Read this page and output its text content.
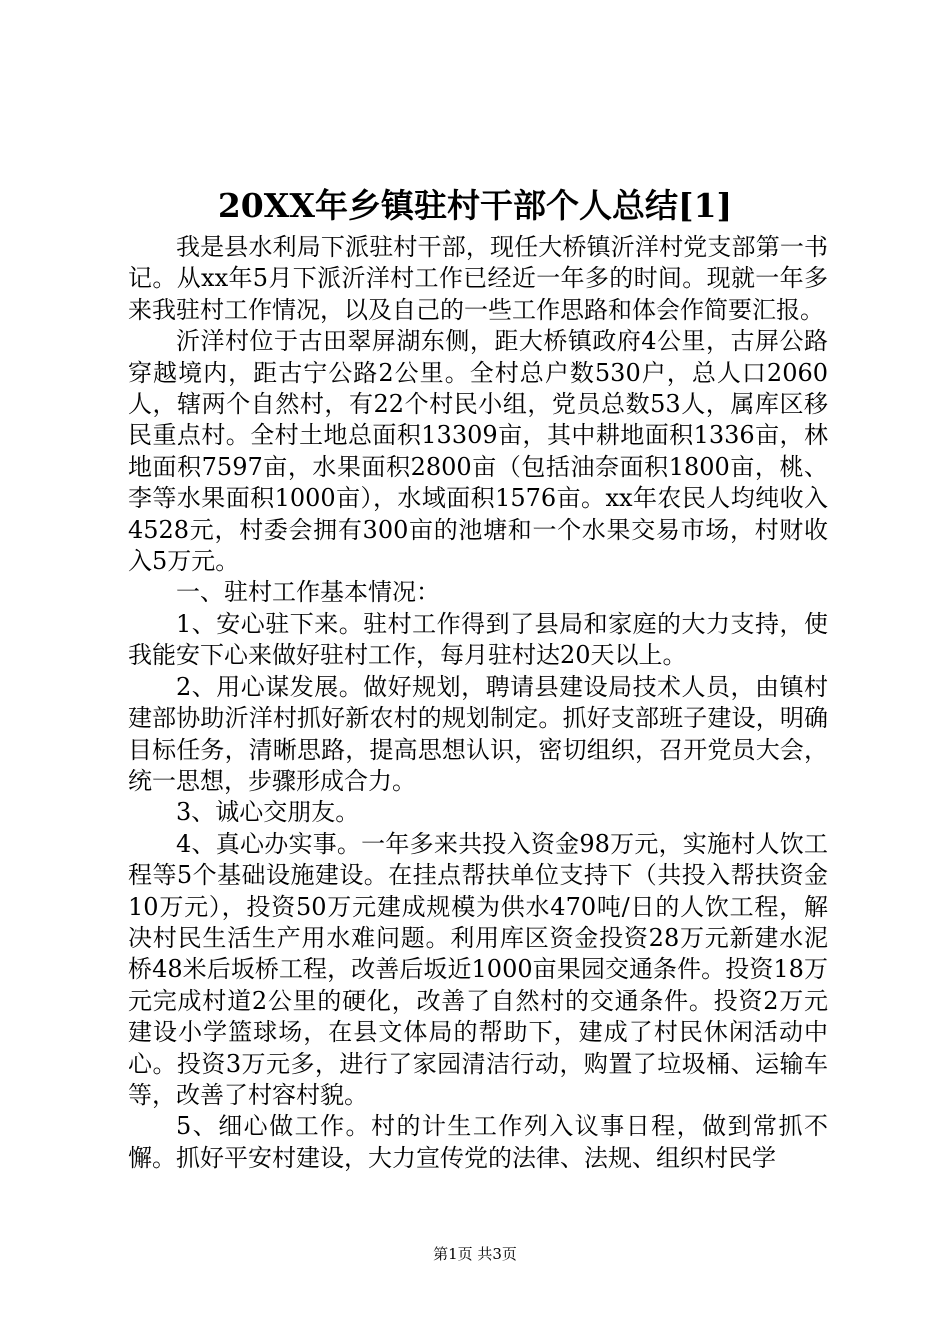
20XX年乡镇驻村干部个人总结[1]

我是县水利局下派驻村干部，现任大桥镇沂洋村党支部第一书记。从xx年5月下派沂洋村工作已经近一年多的时间。现就一年多来我驻村工作情况，以及自己的一些工作思路和体会作简要汇报。

沂洋村位于古田翠屏湖东侧，距大桥镇政府4公里，古屏公路穿越境内，距古宁公路2公里。全村总户数530户，总人口2060人，辖两个自然村，有22个村民小组，党员总数53人，属库区移民重点村。全村土地总面积13309亩，其中耕地面积1336亩，林地面积7597亩，水果面积2800亩（包括油奈面积1800亩，桃、李等水果面积1000亩），水域面积1576亩。xx年农民人均纯收入4528元，村委会拥有300亩的池塘和一个水果交易市场，村财收入5万元。

一、驻村工作基本情况：

1、安心驻下来。驻村工作得到了县局和家庭的大力支持，使我能安下心来做好驻村工作，每月驻村达20天以上。

2、用心谋发展。做好规划，聘请县建设局技术人员，由镇村建部协助沂洋村抓好新农村的规划制定。抓好支部班子建设，明确目标任务，清晰思路，提高思想认识，密切组织，召开党员大会，统一思想，步骤形成合力。

3、诚心交朋友。

4、真心办实事。一年多来共投入资金98万元，实施村人饮工程等5个基础设施建设。在挂点帮扶单位支持下（共投入帮扶资金10万元），投资50万元建成规模为供水470吨/日的人饮工程，解决村民生活生产用水难问题。利用库区资金投资28万元新建水泥桥48米后坂桥工程，改善后坂近1000亩果园交通条件。投资18万元完成村道2公里的硬化，改善了自然村的交通条件。投资2万元建设小学篮球场，在县文体局的帮助下，建成了村民休闲活动中心。投资3万元多，进行了家园清洁行动，购置了垃圾桶、运输车等，改善了村容村貌。

5、细心做工作。村的计生工作列入议事日程，做到常抓不懈。抓好平安村建设，大力宣传党的法律、法规、组织村民学

第1页 共3页
